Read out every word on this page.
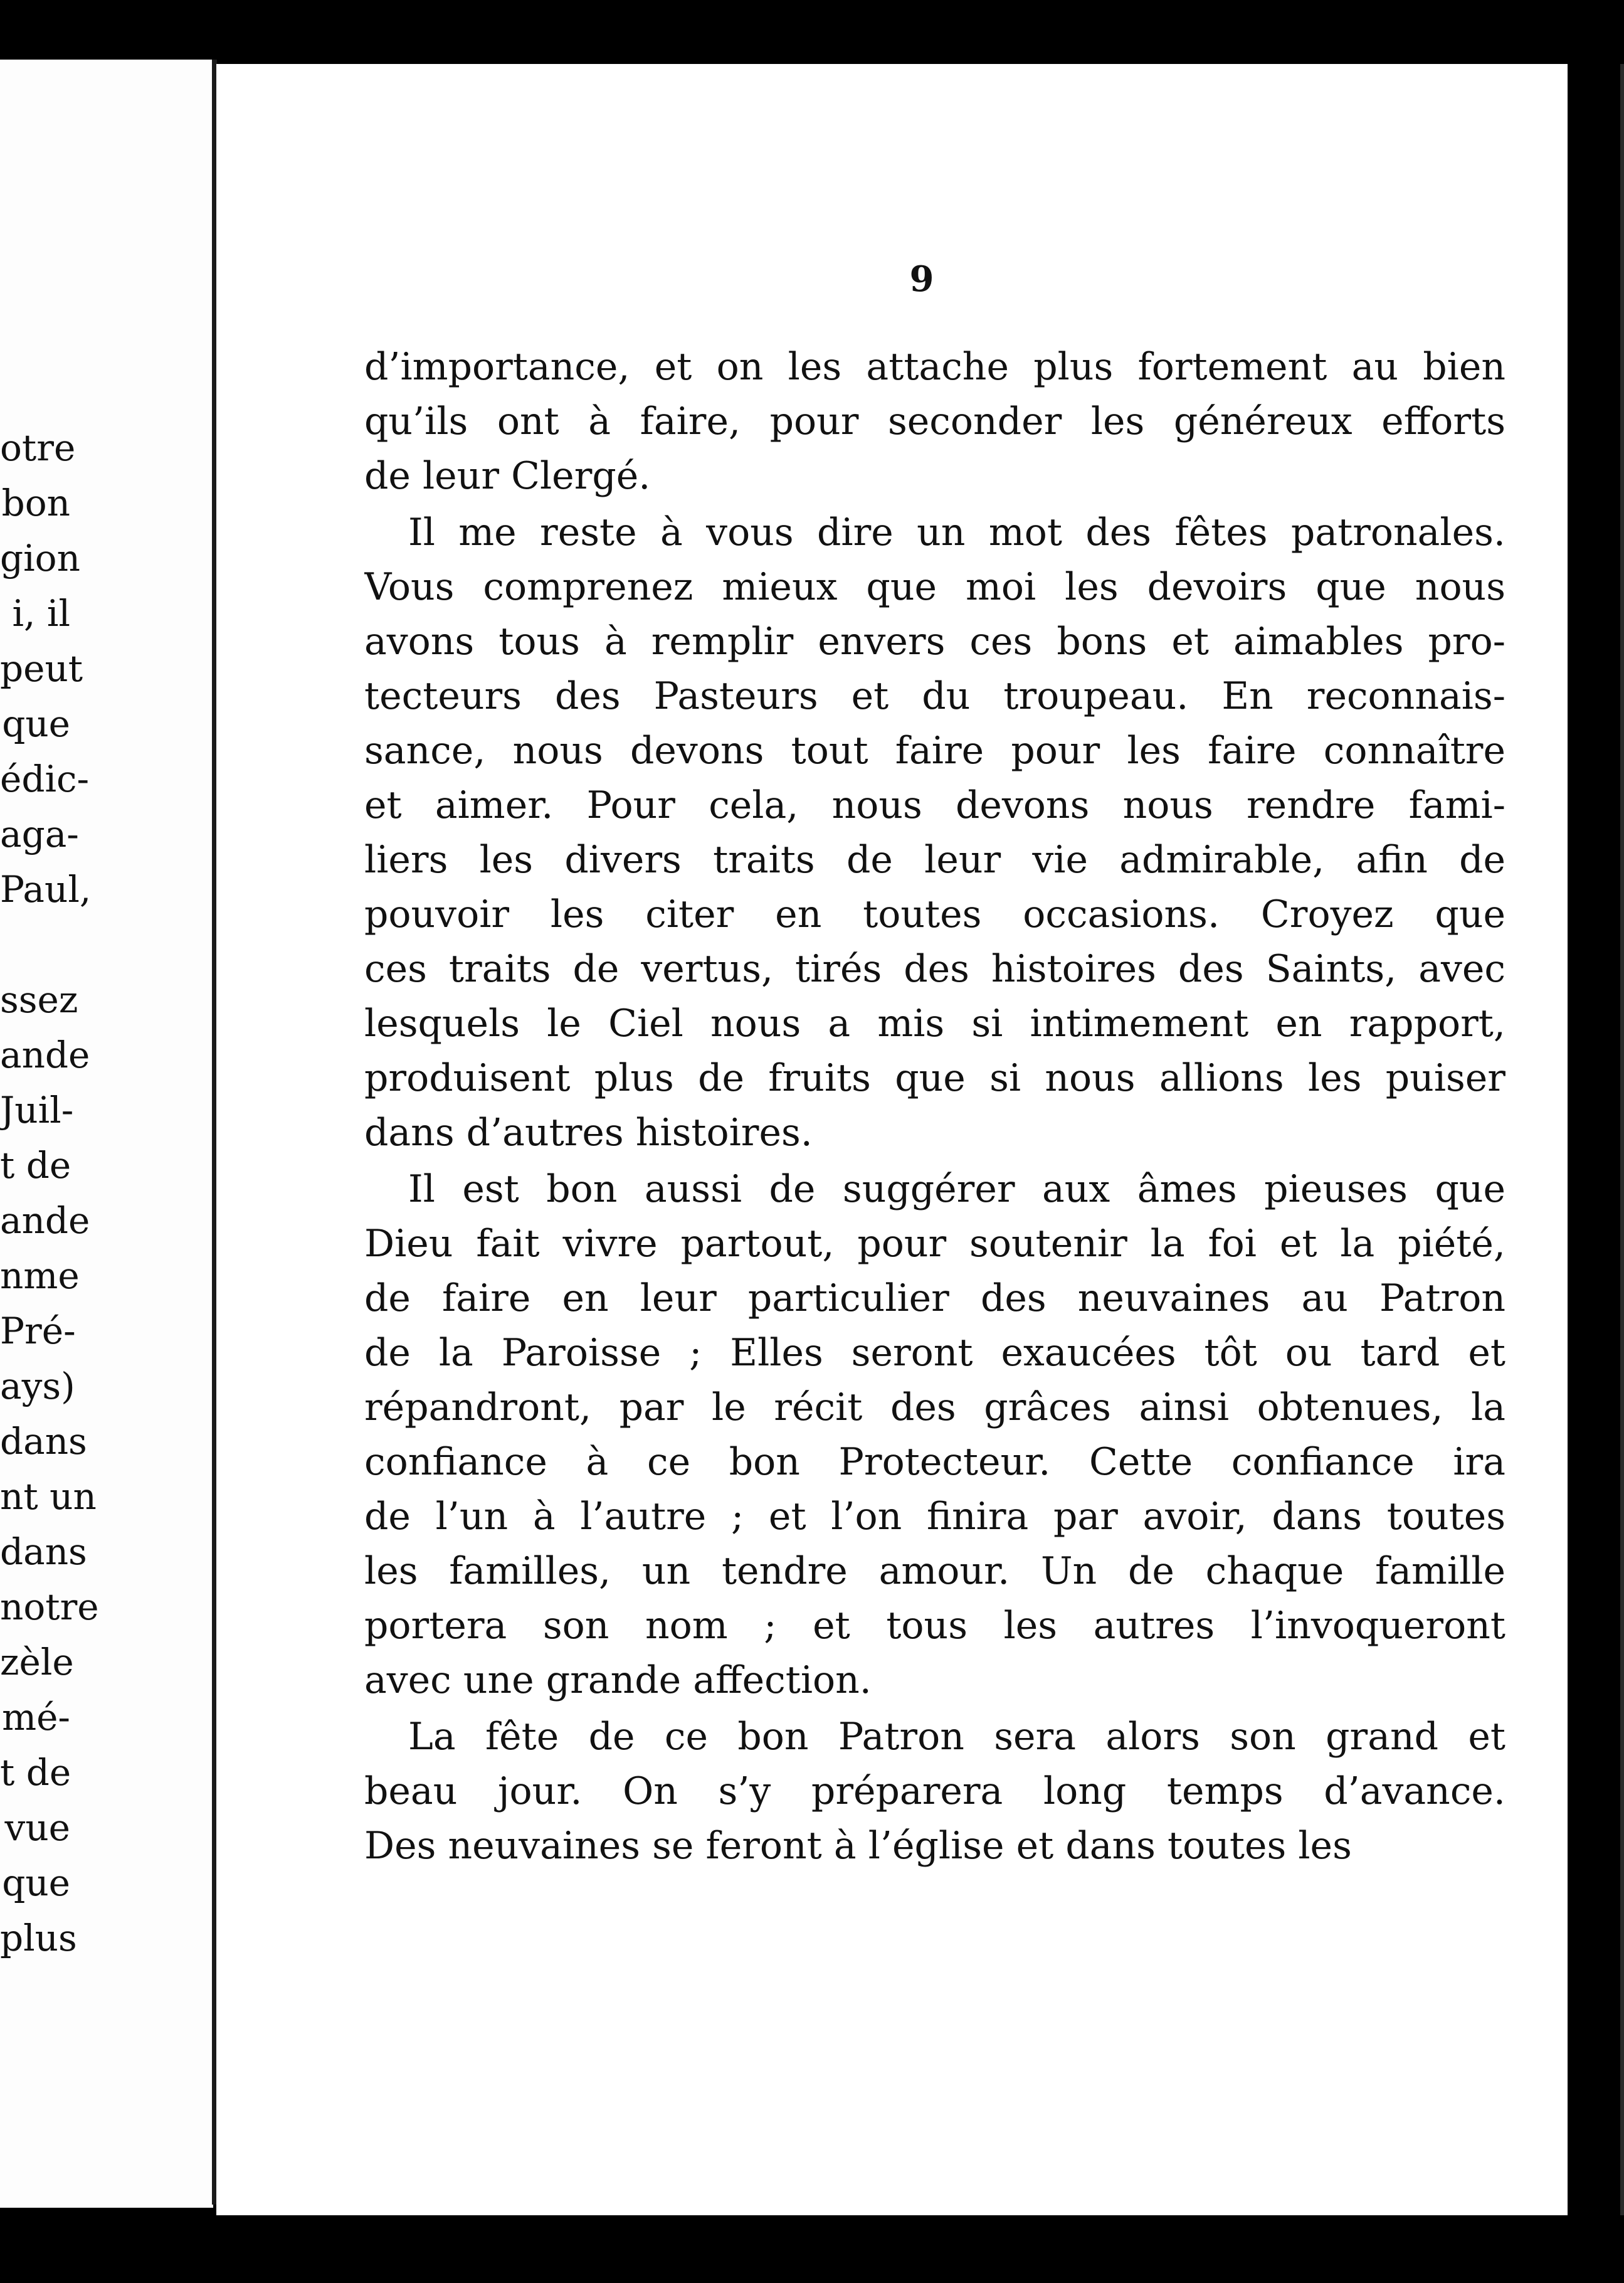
otre
bon
gion
i, il
peut
que
édic-
aga-
Paul,
ssez
ande
Juil-
t de
ande
nme
Pré-
ays)
dans
nt un
dans
notre
zèle
mé-
t de
vue
que
plus
9

d’importance, et on les attache plus fortement au bien
qu’ils ont à faire, pour seconder les généreux efforts
de leur Clergé.

Il me reste à vous dire un mot des fêtes patronales.
Vous comprenez mieux que moi les devoirs que nous
avons tous à remplir envers ces bons et aimables pro-
tecteurs des Pasteurs et du troupeau. En reconnais-
sance, nous devons tout faire pour les faire connaître
et aimer. Pour cela, nous devons nous rendre fami-
liers les divers traits de leur vie admirable, afin de
pouvoir les citer en toutes occasions. Croyez que
ces traits de vertus, tirés des histoires des Saints, avec
lesquels le Ciel nous a mis si intimement en rapport,
produisent plus de fruits que si nous allions les puiser
dans d’autres histoires.

Il est bon aussi de suggérer aux âmes pieuses que
Dieu fait vivre partout, pour soutenir la foi et la piété,
de faire en leur particulier des neuvaines au Patron
de la Paroisse ; Elles seront exaucées tôt ou tard et
répandront, par le récit des grâces ainsi obtenues, la
confiance à ce bon Protecteur. Cette confiance ira
de l’un à l’autre ; et l’on finira par avoir, dans toutes
les familles, un tendre amour. Un de chaque famille
portera son nom ; et tous les autres l’invoqueront
avec une grande affection.

La fête de ce bon Patron sera alors son grand et
beau jour. On s’y préparera long temps d’avance.
Des neuvaines se feront à l’église et dans toutes les
